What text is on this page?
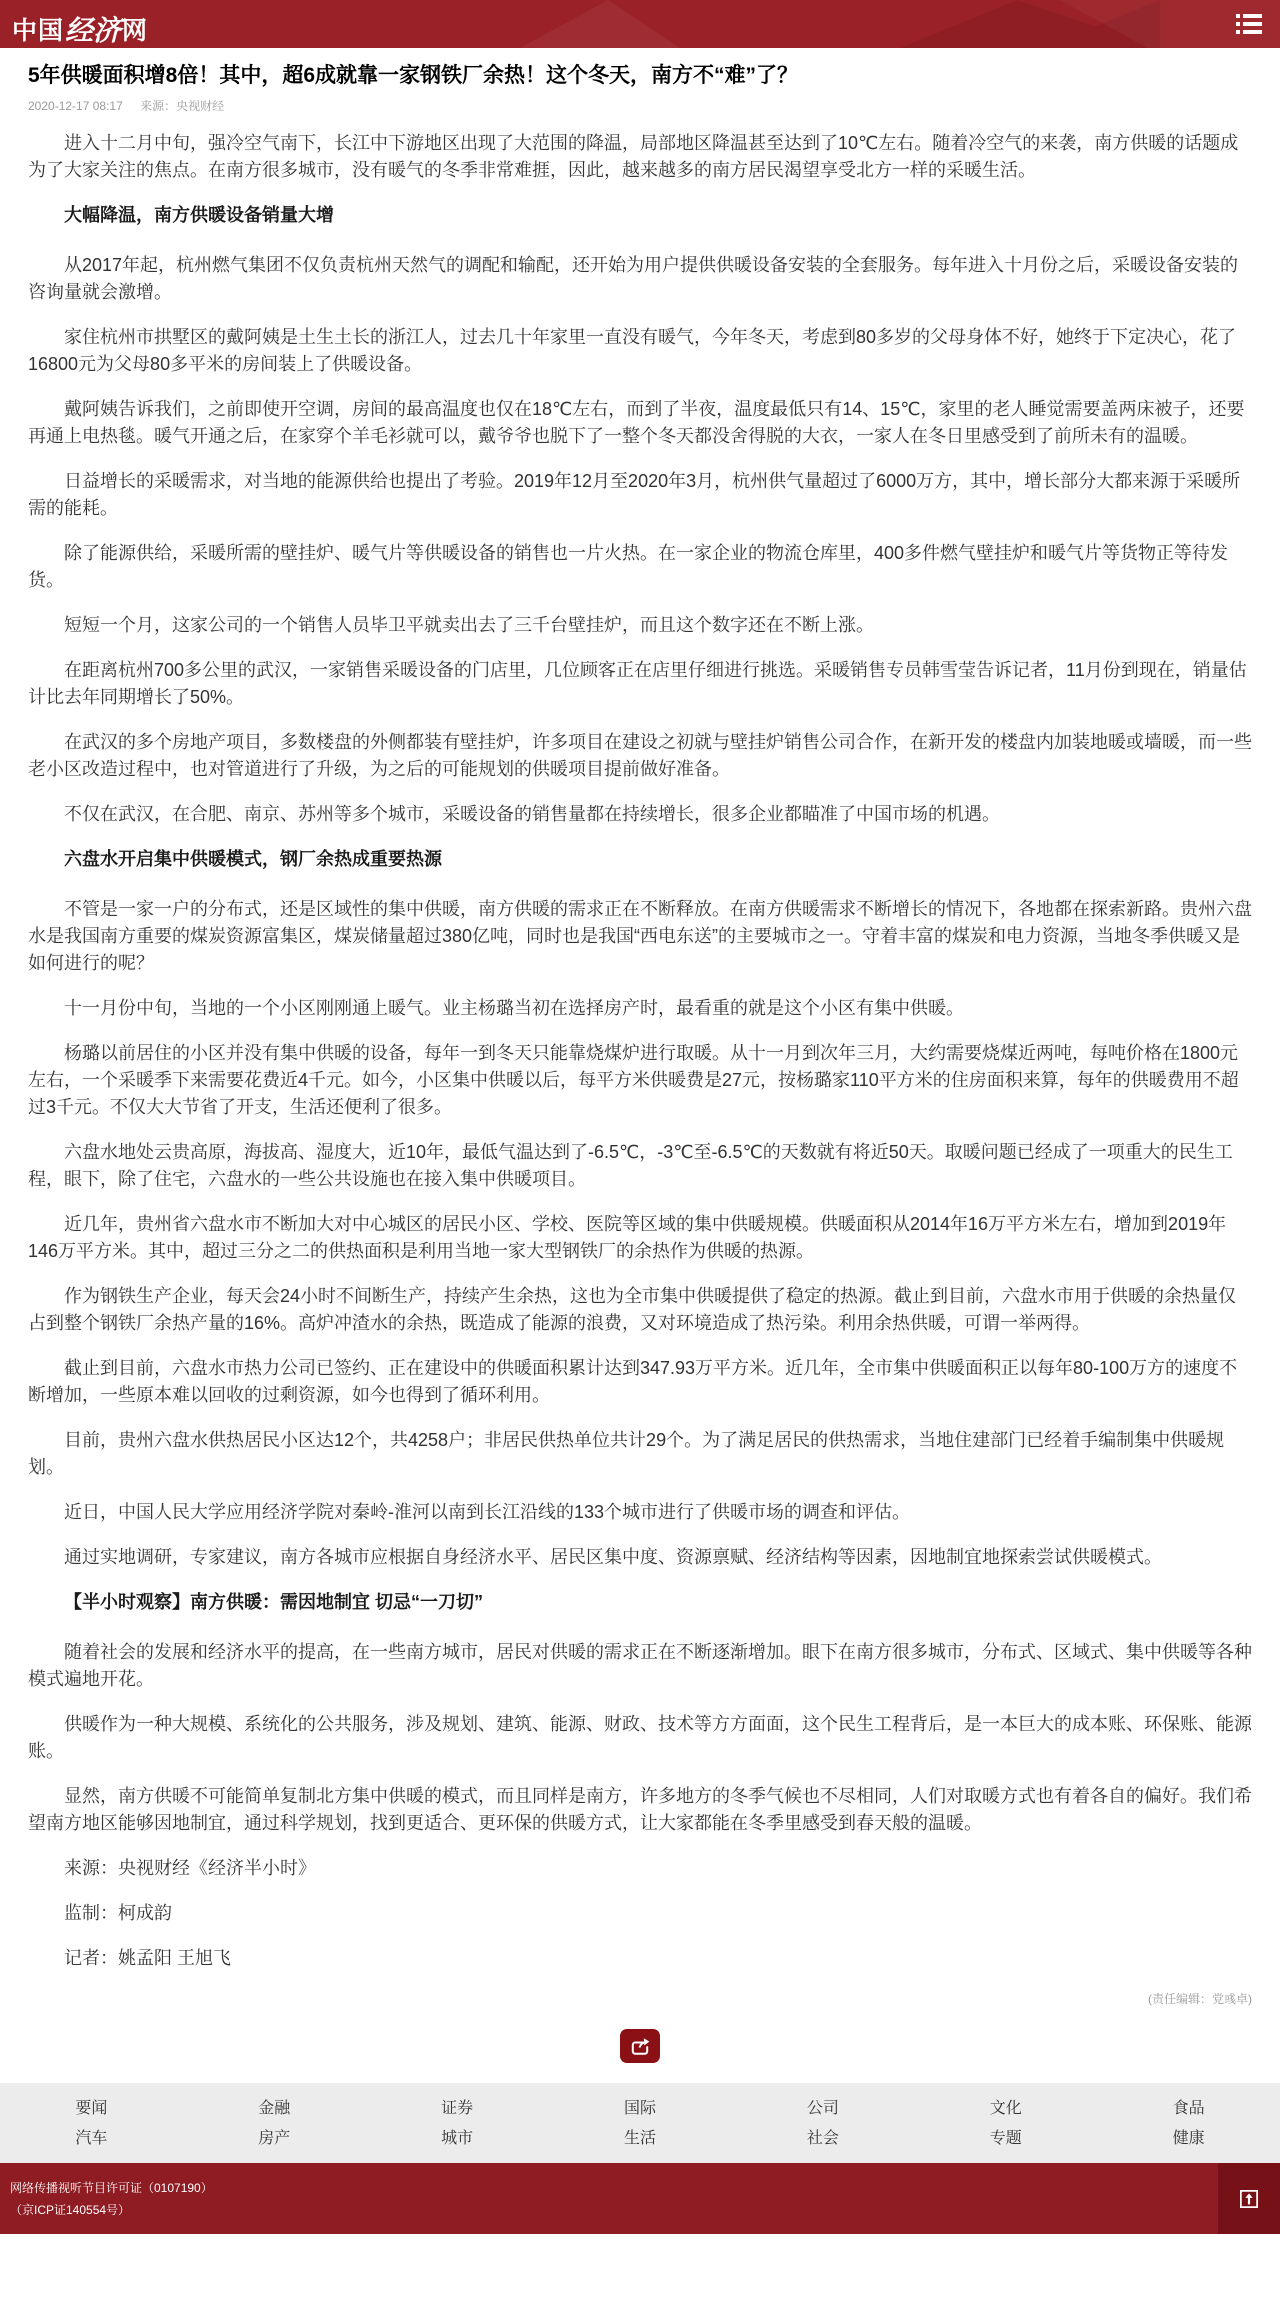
中国 经济 网
5年供暖面积增8倍！其中，超6成就靠一家钢铁厂余热！这个冬天，南方不“难”了？
2020-12-17 08:17 来源：央视财经

进入十二月中旬，强冷空气南下，长江中下游地区出现了大范围的降温，局部地区降温甚至达到了10℃左右。随着冷空气的来袭，南方供暖的话题成为了大家关注的焦点。在南方很多城市，没有暖气的冬季非常难捱，因此，越来越多的南方居民渴望享受北方一样的采暖生活。

大幅降温，南方供暖设备销量大增

从2017年起，杭州燃气集团不仅负责杭州天然气的调配和输配，还开始为用户提供供暖设备安装的全套服务。每年进入十月份之后，采暖设备安装的咨询量就会激增。

家住杭州市拱墅区的戴阿姨是土生土长的浙江人，过去几十年家里一直没有暖气，今年冬天，考虑到80多岁的父母身体不好，她终于下定决心，花了16800元为父母80多平米的房间装上了供暖设备。

戴阿姨告诉我们，之前即使开空调，房间的最高温度也仅在18℃左右，而到了半夜，温度最低只有14、15℃，家里的老人睡觉需要盖两床被子，还要再通上电热毯。暖气开通之后，在家穿个羊毛衫就可以，戴爷爷也脱下了一整个冬天都没舍得脱的大衣，一家人在冬日里感受到了前所未有的温暖。

日益增长的采暖需求，对当地的能源供给也提出了考验。2019年12月至2020年3月，杭州供气量超过了6000万方，其中，增长部分大都来源于采暖所需的能耗。

除了能源供给，采暖所需的壁挂炉、暖气片等供暖设备的销售也一片火热。在一家企业的物流仓库里，400多件燃气壁挂炉和暖气片等货物正等待发货。

短短一个月，这家公司的一个销售人员毕卫平就卖出去了三千台壁挂炉，而且这个数字还在不断上涨。

在距离杭州700多公里的武汉，一家销售采暖设备的门店里，几位顾客正在店里仔细进行挑选。采暖销售专员韩雪莹告诉记者，11月份到现在，销量估计比去年同期增长了50%。

在武汉的多个房地产项目，多数楼盘的外侧都装有壁挂炉，许多项目在建设之初就与壁挂炉销售公司合作，在新开发的楼盘内加装地暖或墙暖，而一些老小区改造过程中，也对管道进行了升级，为之后的可能规划的供暖项目提前做好准备。

不仅在武汉，在合肥、南京、苏州等多个城市，采暖设备的销售量都在持续增长，很多企业都瞄准了中国市场的机遇。

六盘水开启集中供暖模式，钢厂余热成重要热源

不管是一家一户的分布式，还是区域性的集中供暖，南方供暖的需求正在不断释放。在南方供暖需求不断增长的情况下，各地都在探索新路。贵州六盘水是我国南方重要的煤炭资源富集区，煤炭储量超过380亿吨，同时也是我国“西电东送”的主要城市之一。守着丰富的煤炭和电力资源，当地冬季供暖又是如何进行的呢？

十一月份中旬，当地的一个小区刚刚通上暖气。业主杨璐当初在选择房产时，最看重的就是这个小区有集中供暖。

杨璐以前居住的小区并没有集中供暖的设备，每年一到冬天只能靠烧煤炉进行取暖。从十一月到次年三月，大约需要烧煤近两吨，每吨价格在1800元左右，一个采暖季下来需要花费近4千元。如今，小区集中供暖以后，每平方米供暖费是27元，按杨璐家110平方米的住房面积来算，每年的供暖费用不超过3千元。不仅大大节省了开支，生活还便利了很多。

六盘水地处云贵高原，海拔高、湿度大，近10年，最低气温达到了-6.5℃，-3℃至-6.5℃的天数就有将近50天。取暖问题已经成了一项重大的民生工程，眼下，除了住宅，六盘水的一些公共设施也在接入集中供暖项目。

近几年，贵州省六盘水市不断加大对中心城区的居民小区、学校、医院等区域的集中供暖规模。供暖面积从2014年16万平方米左右，增加到2019年146万平方米。其中，超过三分之二的供热面积是利用当地一家大型钢铁厂的余热作为供暖的热源。

作为钢铁生产企业，每天会24小时不间断生产，持续产生余热，这也为全市集中供暖提供了稳定的热源。截止到目前，六盘水市用于供暖的余热量仅占到整个钢铁厂余热产量的16%。高炉冲渣水的余热，既造成了能源的浪费，又对环境造成了热污染。利用余热供暖，可谓一举两得。

截止到目前，六盘水市热力公司已签约、正在建设中的供暖面积累计达到347.93万平方米。近几年，全市集中供暖面积正以每年80-100万方的速度不断增加，一些原本难以回收的过剩资源，如今也得到了循环利用。

目前，贵州六盘水供热居民小区达12个，共4258户；非居民供热单位共计29个。为了满足居民的供热需求，当地住建部门已经着手编制集中供暖规划。

近日，中国人民大学应用经济学院对秦岭-淮河以南到长江沿线的133个城市进行了供暖市场的调查和评估。

通过实地调研，专家建议，南方各城市应根据自身经济水平、居民区集中度、资源禀赋、经济结构等因素，因地制宜地探索尝试供暖模式。

【半小时观察】南方供暖：需因地制宜 切忌“一刀切”

随着社会的发展和经济水平的提高，在一些南方城市，居民对供暖的需求正在不断逐渐增加。眼下在南方很多城市，分布式、区域式、集中供暖等各种模式遍地开花。

供暖作为一种大规模、系统化的公共服务，涉及规划、建筑、能源、财政、技术等方方面面，这个民生工程背后，是一本巨大的成本账、环保账、能源账。

显然，南方供暖不可能简单复制北方集中供暖的模式，而且同样是南方，许多地方的冬季气候也不尽相同，人们对取暖方式也有着各自的偏好。我们希望南方地区能够因地制宜，通过科学规划，找到更适合、更环保的供暖方式，让大家都能在冬季里感受到春天般的温暖。

来源：央视财经《经济半小时》

监制：柯成韵

记者：姚孟阳 王旭飞

(责任编辑：党彧卓)
要闻	金融	证券	国际	公司	文化	食品
汽车	房产	城市	生活	社会	专题	健康
网络传播视听节目许可证（0107190）
（京ICP证140554号）
